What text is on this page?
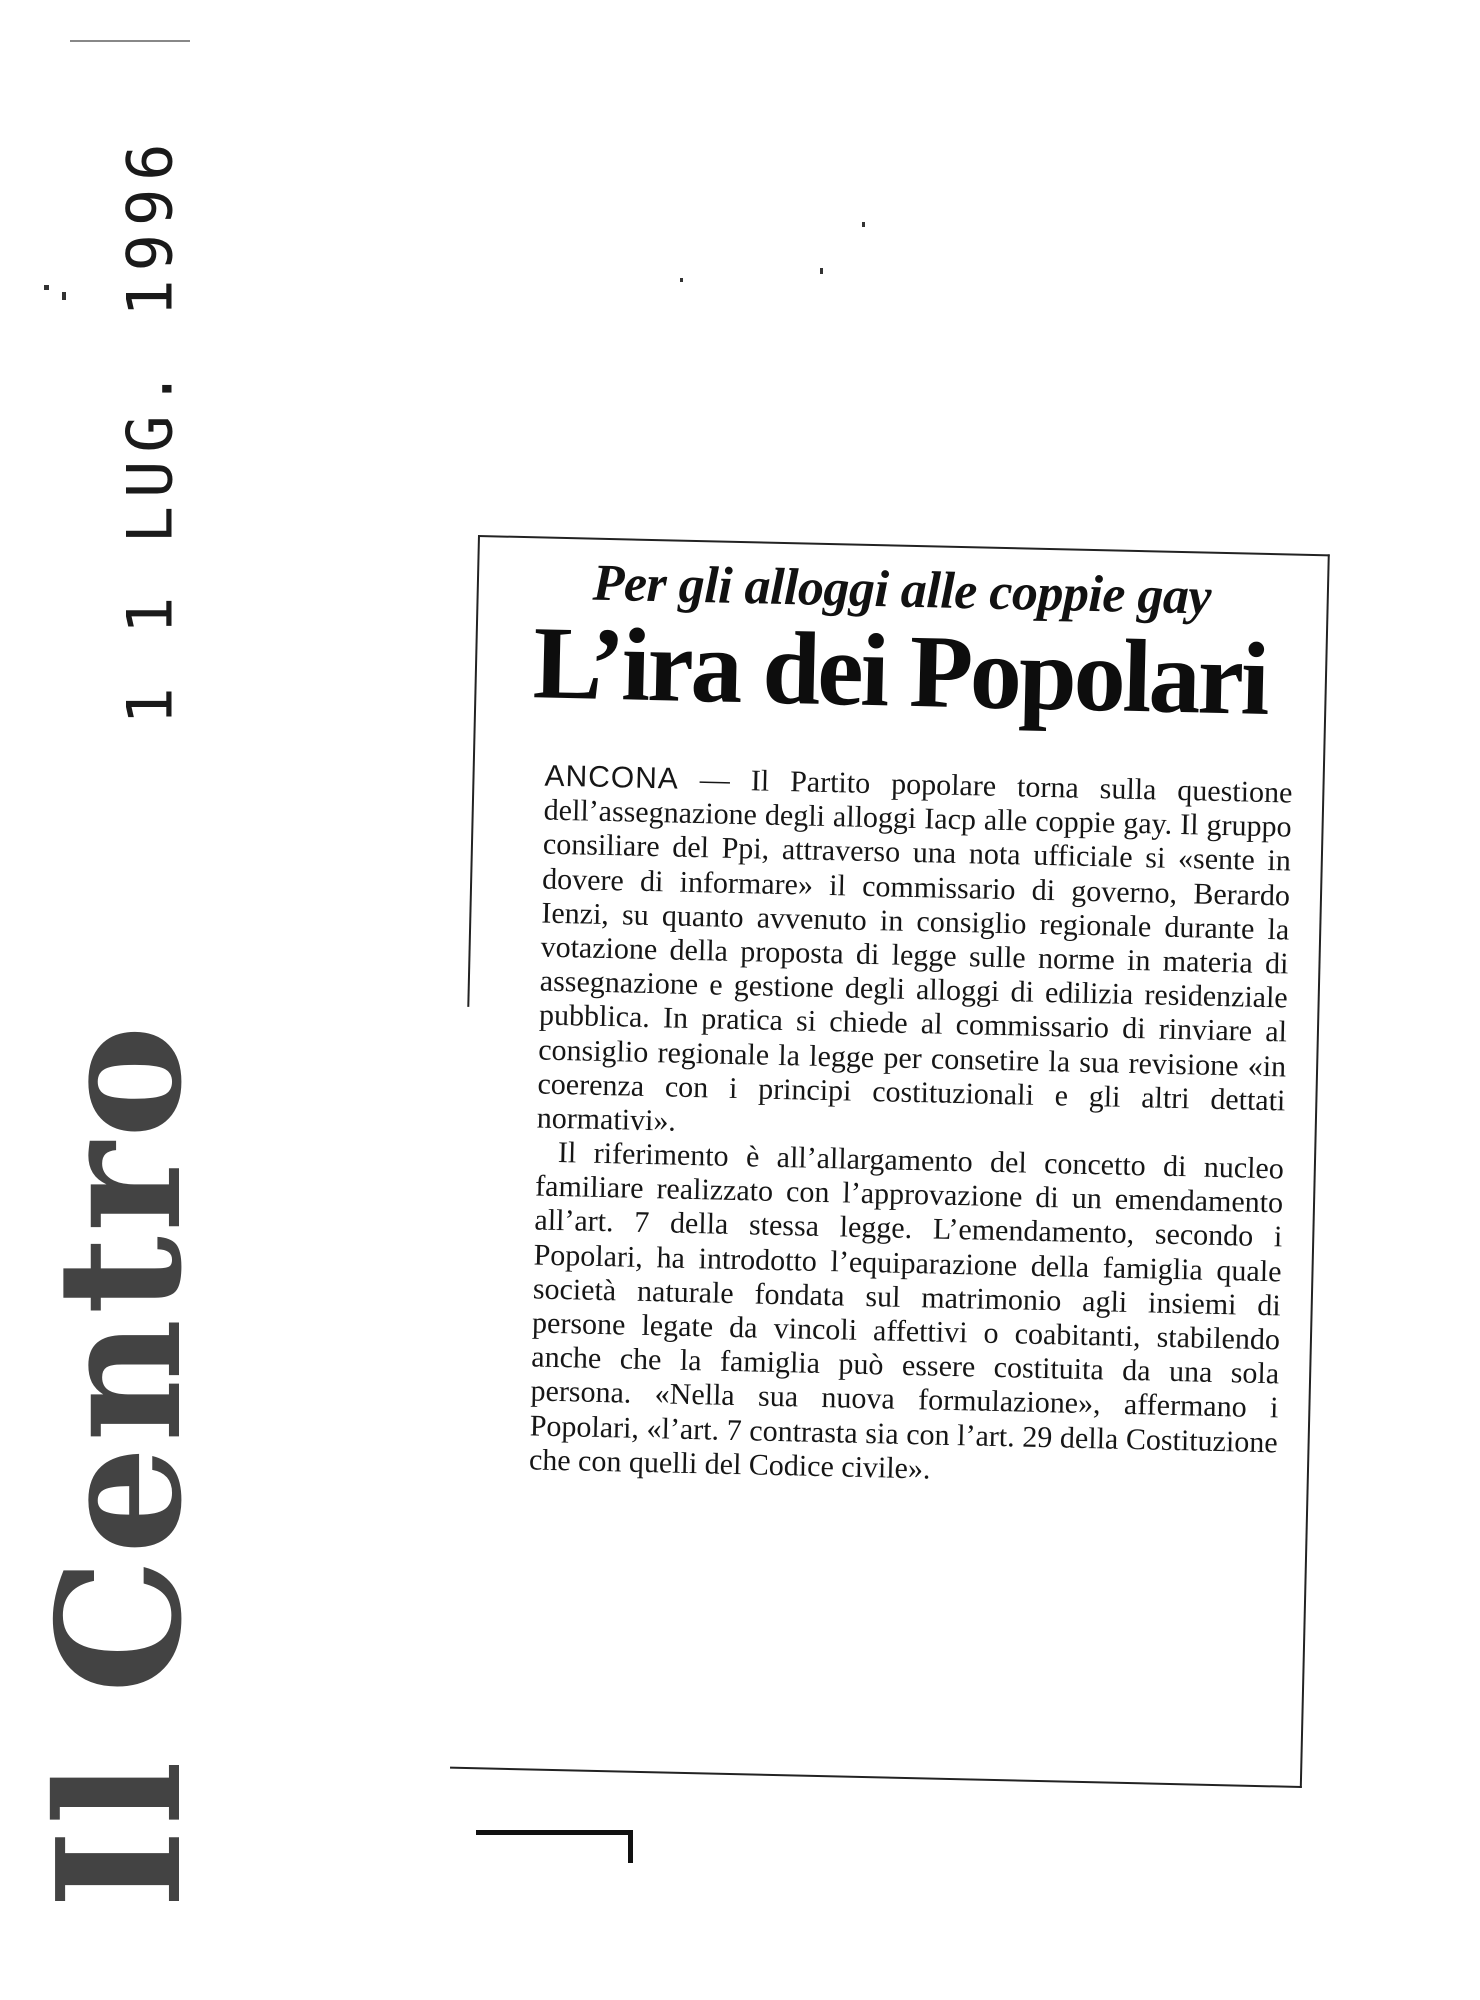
1 1 LUG. 1996
Il Centro
Per gli alloggi alle coppie gay
L’ira dei Popolari

ANCONA — Il Partito popolare torna sulla questione dell’assegnazione degli alloggi Iacp alle coppie gay. Il gruppo consiliare del Ppi, attraverso una nota ufficiale si «sente in dovere di informare» il commissario di governo, Berardo Ienzi, su quanto avvenuto in consiglio regionale durante la votazione della proposta di legge sulle norme in materia di assegnazione e gestione degli alloggi di edilizia residenziale pubblica. In pratica si chiede al commissario di rinviare al consiglio regionale la legge per consetire la sua revisione «in coerenza con i principi costituzionali e gli altri dettati normativi».

Il riferimento è all’allargamento del concetto di nucleo familiare realizzato con l’approvazione di un emendamento all’art. 7 della stessa legge. L’emendamento, secondo i Popolari, ha introdotto l’equiparazione della famiglia quale società naturale fondata sul matrimonio agli insiemi di persone legate da vincoli affettivi o coabitanti, stabilendo anche che la famiglia può essere costituita da una sola persona. «Nella sua nuova formulazione», affermano i Popolari, «l’art. 7 contrasta sia con l’art. 29 della Costituzione che con quelli del Codice civile».
